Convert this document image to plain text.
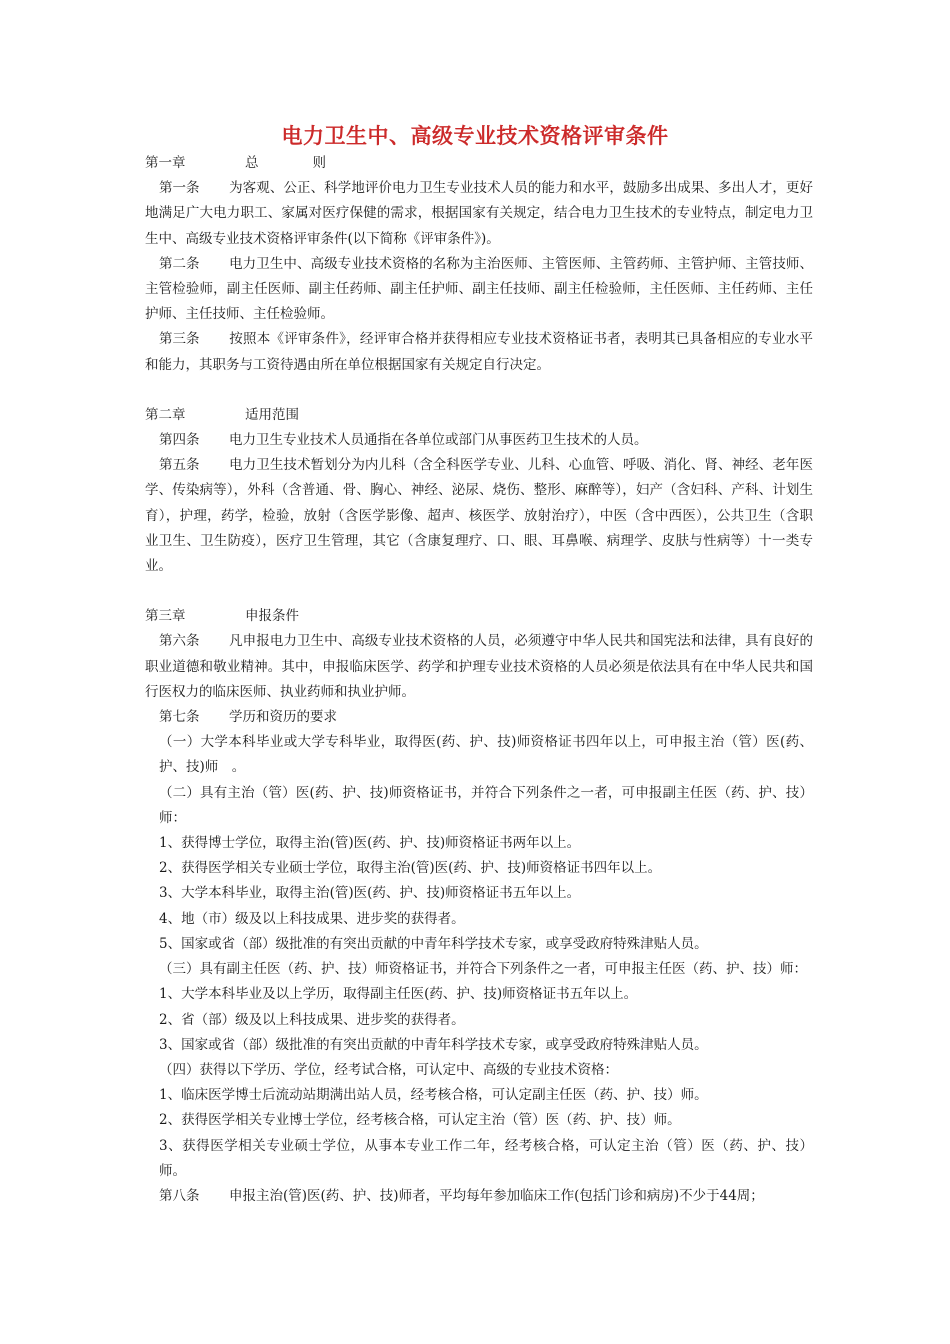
电力卫生中、高级专业技术资格评审条件

第一章	总　　　　则

第一条 为客观、公正、科学地评价电力卫生专业技术人员的能力和水平，鼓励多出成果、多出人才，更好地满足广大电力职工、家属对医疗保健的需求，根据国家有关规定，结合电力卫生技术的专业特点，制定电力卫生中、高级专业技术资格评审条件(以下简称《评审条件》)。

第二条 电力卫生中、高级专业技术资格的名称为主治医师、主管医师、主管药师、主管护师、主管技师、主管检验师，副主任医师、副主任药师、副主任护师、副主任技师、副主任检验师，主任医师、主任药师、主任护师、主任技师、主任检验师。

第三条 按照本《评审条件》，经评审合格并获得相应专业技术资格证书者，表明其已具备相应的专业水平和能力，其职务与工资待遇由所在单位根据国家有关规定自行决定。

第二章	适用范围

第四条 电力卫生专业技术人员通指在各单位或部门从事医药卫生技术的人员。

第五条 电力卫生技术暂划分为内儿科（含全科医学专业、儿科、心血管、呼吸、消化、肾、神经、老年医学、传染病等），外科（含普通、骨、胸心、神经、泌尿、烧伤、整形、麻醉等），妇产（含妇科、产科、计划生育），护理，药学，检验，放射（含医学影像、超声、核医学、放射治疗），中医（含中西医），公共卫生（含职业卫生、卫生防疫），医疗卫生管理，其它（含康复理疗、口、眼、耳鼻喉、病理学、皮肤与性病等）十一类专业。

第三章	申报条件

第六条 凡申报电力卫生中、高级专业技术资格的人员，必须遵守中华人民共和国宪法和法律，具有良好的职业道德和敬业精神。其中，申报临床医学、药学和护理专业技术资格的人员必须是依法具有在中华人民共和国行医权力的临床医师、执业药师和执业护师。

第七条 学历和资历的要求

（一）大学本科毕业或大学专科毕业，取得医(药、护、技)师资格证书四年以上，可申报主治（管）医(药、护、技)师　。

（二）具有主治（管）医(药、护、技)师资格证书，并符合下列条件之一者，可申报副主任医（药、护、技）师：

1、获得博士学位，取得主治(管)医(药、护、技)师资格证书两年以上。

2、获得医学相关专业硕士学位，取得主治(管)医(药、护、技)师资格证书四年以上。

3、大学本科毕业，取得主治(管)医(药、护、技)师资格证书五年以上。

4、地（市）级及以上科技成果、进步奖的获得者。

5、国家或省（部）级批准的有突出贡献的中青年科学技术专家，或享受政府特殊津贴人员。

（三）具有副主任医（药、护、技）师资格证书，并符合下列条件之一者，可申报主任医（药、护、技）师：

1、大学本科毕业及以上学历，取得副主任医(药、护、技)师资格证书五年以上。

2、省（部）级及以上科技成果、进步奖的获得者。

3、国家或省（部）级批准的有突出贡献的中青年科学技术专家，或享受政府特殊津贴人员。

（四）获得以下学历、学位，经考试合格，可认定中、高级的专业技术资格：

1、临床医学博士后流动站期满出站人员，经考核合格，可认定副主任医（药、护、技）师。

2、获得医学相关专业博士学位，经考核合格，可认定主治（管）医（药、护、技）师。

3、获得医学相关专业硕士学位，从事本专业工作二年，经考核合格，可认定主治（管）医（药、护、技）师。

第八条 申报主治(管)医(药、护、技)师者，平均每年参加临床工作(包括门诊和病房)不少于44周；
